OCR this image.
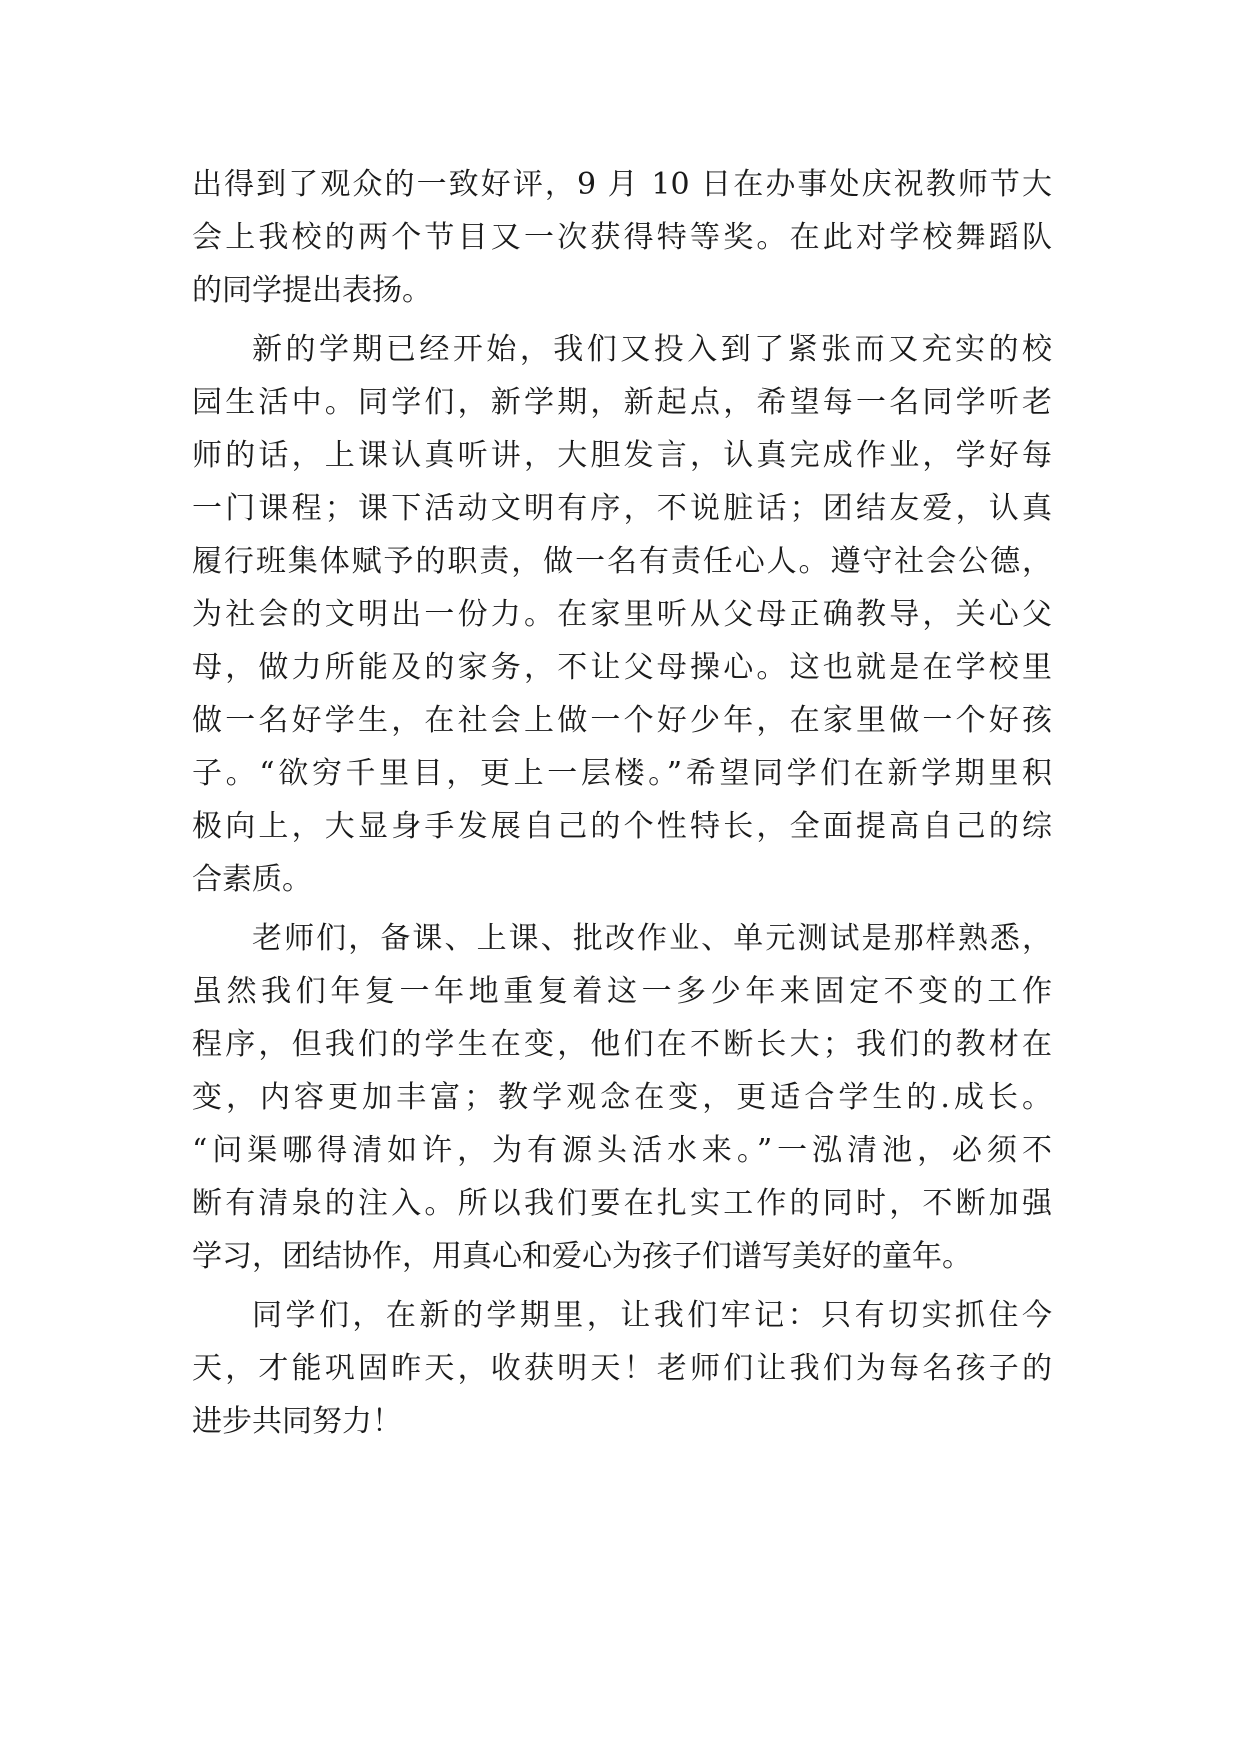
出得到了观众的一致好评，9 月 10 日在办事处庆祝教师节大
会上我校的两个节目又一次获得特等奖。在此对学校舞蹈队
的同学提出表扬。
新的学期已经开始，我们又投入到了紧张而又充实的校
园生活中。同学们，新学期，新起点，希望每一名同学听老
师的话，上课认真听讲，大胆发言，认真完成作业，学好每
一门课程；课下活动文明有序，不说脏话；团结友爱，认真
履行班集体赋予的职责，做一名有责任心人。遵守社会公德，
为社会的文明出一份力。在家里听从父母正确教导，关心父
母，做力所能及的家务，不让父母操心。这也就是在学校里
做一名好学生，在社会上做一个好少年，在家里做一个好孩
子。“欲穷千里目，更上一层楼。”希望同学们在新学期里积
极向上，大显身手发展自己的个性特长，全面提高自己的综
合素质。
老师们，备课、上课、批改作业、单元测试是那样熟悉，
虽然我们年复一年地重复着这一多少年来固定不变的工作
程序，但我们的学生在变，他们在不断长大；我们的教材在
变，内容更加丰富；教学观念在变，更适合学生的.成长。
“问渠哪得清如许，为有源头活水来。”一泓清池，必须不
断有清泉的注入。所以我们要在扎实工作的同时，不断加强
学习，团结协作，用真心和爱心为孩子们谱写美好的童年。
同学们，在新的学期里，让我们牢记：只有切实抓住今
天，才能巩固昨天，收获明天！老师们让我们为每名孩子的
进步共同努力！
